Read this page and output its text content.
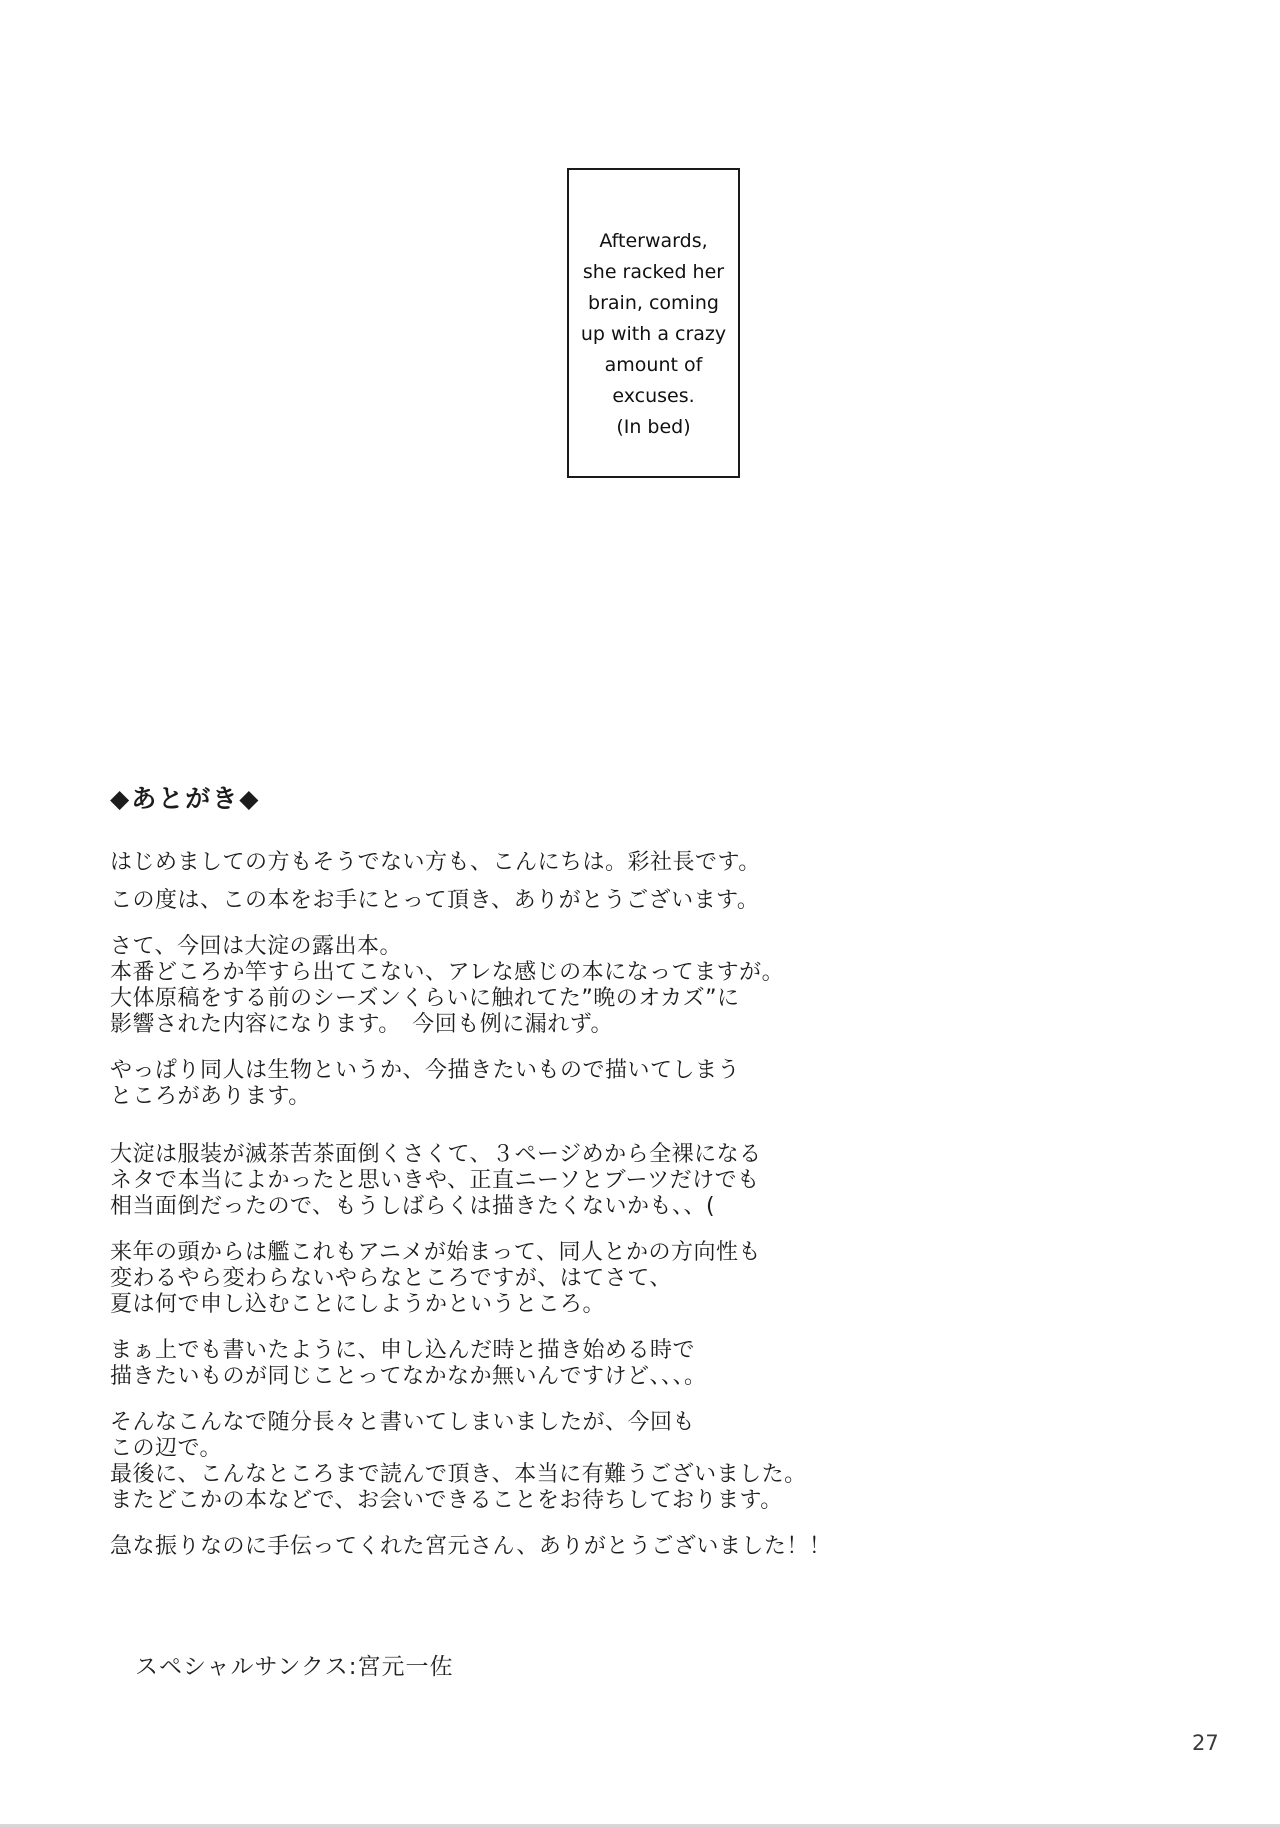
Afterwards,
she racked her
brain, coming
up with a crazy
amount of
excuses.
(In bed)
◆あとがき◆
はじめましての方もそうでない方も、こんにちは。彩社長です。
この度は、この本をお手にとって頂き、ありがとうございます。
さて、今回は大淀の露出本。
本番どころか竿すら出てこない、アレな感じの本になってますが。
大体原稿をする前のシーズンくらいに触れてた”晩のオカズ”に
影響された内容になります。　今回も例に漏れず。
やっぱり同人は生物というか、今描きたいもので描いてしまう
ところがあります。
大淀は服装が滅茶苦茶面倒くさくて、３ページめから全裸になる
ネタで本当によかったと思いきや、正直ニーソとブーツだけでも
相当面倒だったので、もうしばらくは描きたくないかも、、(
来年の頭からは艦これもアニメが始まって、同人とかの方向性も
変わるやら変わらないやらなところですが、はてさて、
夏は何で申し込むことにしようかというところ。
まぁ上でも書いたように、申し込んだ時と描き始める時で
描きたいものが同じことってなかなか無いんですけど、、、。
そんなこんなで随分長々と書いてしまいましたが、今回も
この辺で。
最後に、こんなところまで読んで頂き、本当に有難うございました。
またどこかの本などで、お会いできることをお待ちしております。
急な振りなのに手伝ってくれた宮元さん、ありがとうございました！！
スペシャルサンクス:宮元一佐
27
